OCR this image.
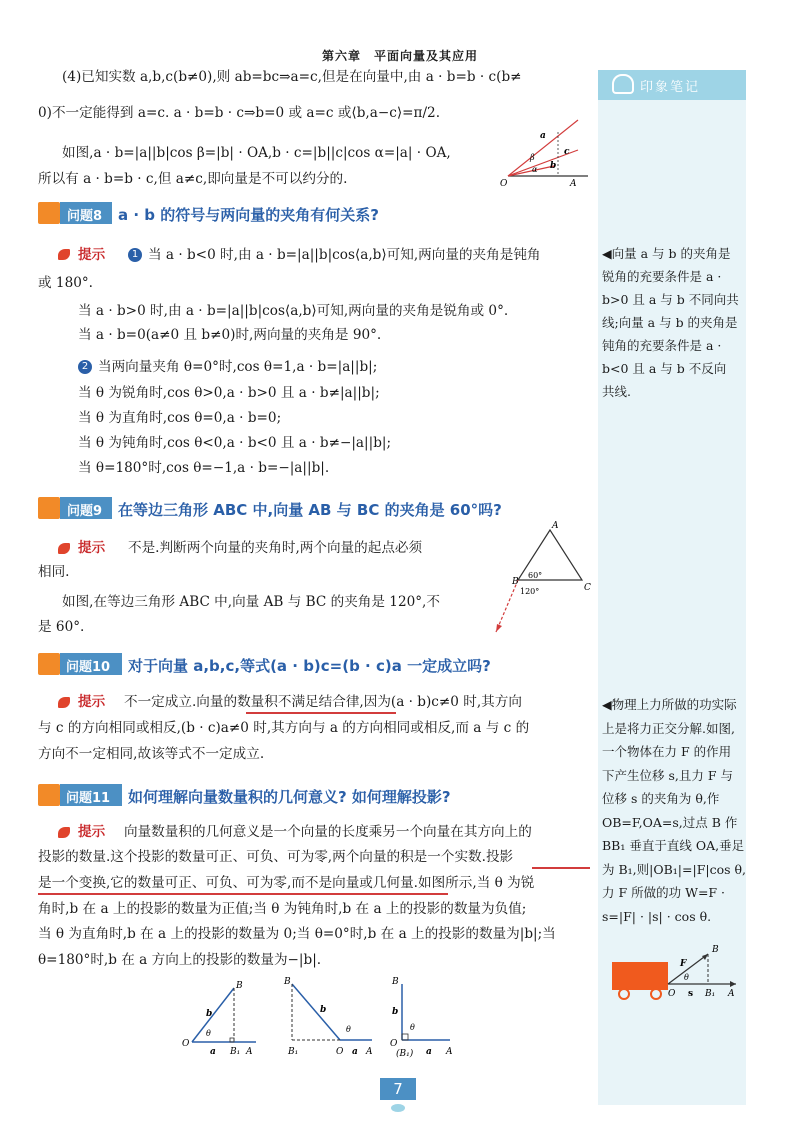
第六章　平面向量及其应用
印象笔记
◀向量 a 与 b 的夹角是
锐角的充要条件是 a ·
b>0 且 a 与 b 不同向共
线;向量 a 与 b 的夹角是
钝角的充要条件是 a ·
b<0 且 a 与 b 不反向
共线.
◀物理上力所做的功实际
上是将力正交分解.如图,
一个物体在力 F 的作用
下产生位移 s,且力 F 与
位移 s 的夹角为 θ,作
OB=F,OA=s,过点 B 作
BB₁ 垂直于直线 OA,垂足
为 B₁,则|OB₁|=|F|cos θ,
力 F 所做的功 W=F ·
s=|F| · |s| · cos θ.
B
F
θ
O s B₁ A
(4)已知实数 a,b,c(b≠0),则 ab=bc⇒a=c,但是在向量中,由 a · b=b · c(b≠
0)不一定能得到 a=c. a · b=b · c⇒b=0 或 a=c 或⟨b,a−c⟩=π/2.
如图,a · b=|a||b|cos β=|b| · OA,b · c=|b||c|cos α=|a| · OA,
所以有 a · b=b · c,但 a≠c,即向量是不可以约分的.
a
c
b
β
α
O	A
问题8 a · b 的符号与两向量的夹角有何关系?
提示	1 当 a · b<0 时,由 a · b=|a||b|cos⟨a,b⟩可知,两向量的夹角是钝角
或 180°.
当 a · b>0 时,由 a · b=|a||b|cos⟨a,b⟩可知,两向量的夹角是锐角或 0°.
当 a · b=0(a≠0 且 b≠0)时,两向量的夹角是 90°.
2 当两向量夹角 θ=0°时,cos θ=1,a · b=|a||b|;
当 θ 为锐角时,cos θ>0,a · b>0 且 a · b≠|a||b|;
当 θ 为直角时,cos θ=0,a · b=0;
当 θ 为钝角时,cos θ<0,a · b<0 且 a · b≠−|a||b|;
当 θ=180°时,cos θ=−1,a · b=−|a||b|.
问题9 在等边三角形 ABC 中,向量 AB 与 BC 的夹角是 60°吗?
提示 不是.判断两个向量的夹角时,两个向量的起点必须
相同.
如图,在等边三角形 ABC 中,向量 AB 与 BC 的夹角是 120°,不
是 60°.
A
B
C
60°
120°
问题10 对于向量 a,b,c,等式(a · b)c=(b · c)a 一定成立吗?
提示 不一定成立.向量的数量积不满足结合律,因为(a · b)c≠0 时,其方向
与 c 的方向相同或相反,(b · c)a≠0 时,其方向与 a 的方向相同或相反,而 a 与 c 的
方向不一定相同,故该等式不一定成立.
问题11 如何理解向量数量积的几何意义? 如何理解投影?
提示 向量数量积的几何意义是一个向量的长度乘另一个向量在其方向上的
投影的数量.这个投影的数量可正、可负、可为零,两个向量的积是一个实数.投影
是一个变换,它的数量可正、可负、可为零,而不是向量或几何量.如图所示,当 θ 为锐
角时,b 在 a 上的投影的数量为正值;当 θ 为钝角时,b 在 a 上的投影的数量为负值;
当 θ 为直角时,b 在 a 上的投影的数量为 0;当 θ=0°时,b 在 a 上的投影的数量为|b|;当
θ=180°时,b 在 a 方向上的投影的数量为−|b|.
B
b
θ
O
a B₁ A
B
b
θ
B₁	O a A
B
b
θ
O
(B₁) a A
7
